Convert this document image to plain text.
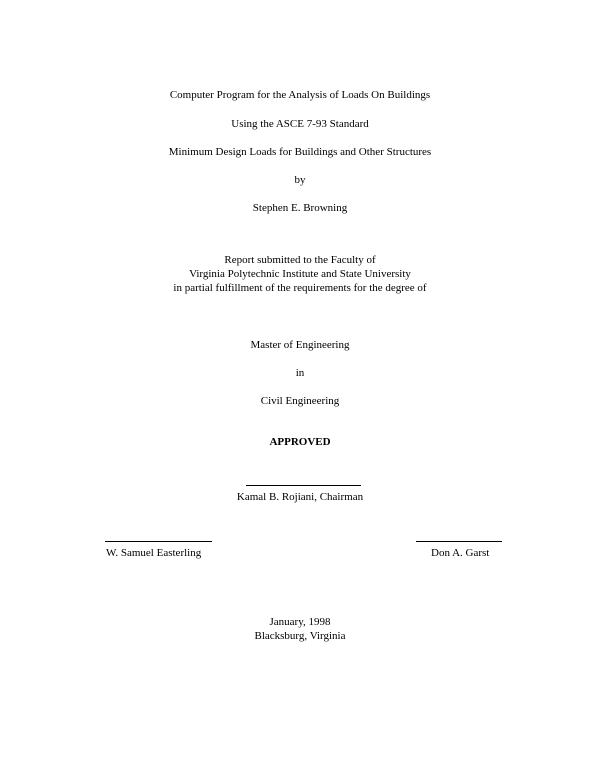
Computer Program for the Analysis of Loads On Buildings
Using the ASCE 7-93 Standard
Minimum Design Loads for Buildings and Other Structures
by
Stephen E. Browning
Report submitted to the Faculty of
Virginia Polytechnic Institute and State University
in partial fulfillment of the requirements for the degree of
Master of Engineering
in
Civil Engineering
APPROVED
Kamal B. Rojiani, Chairman
W. Samuel Easterling	Don A. Garst
January, 1998
Blacksburg, Virginia
